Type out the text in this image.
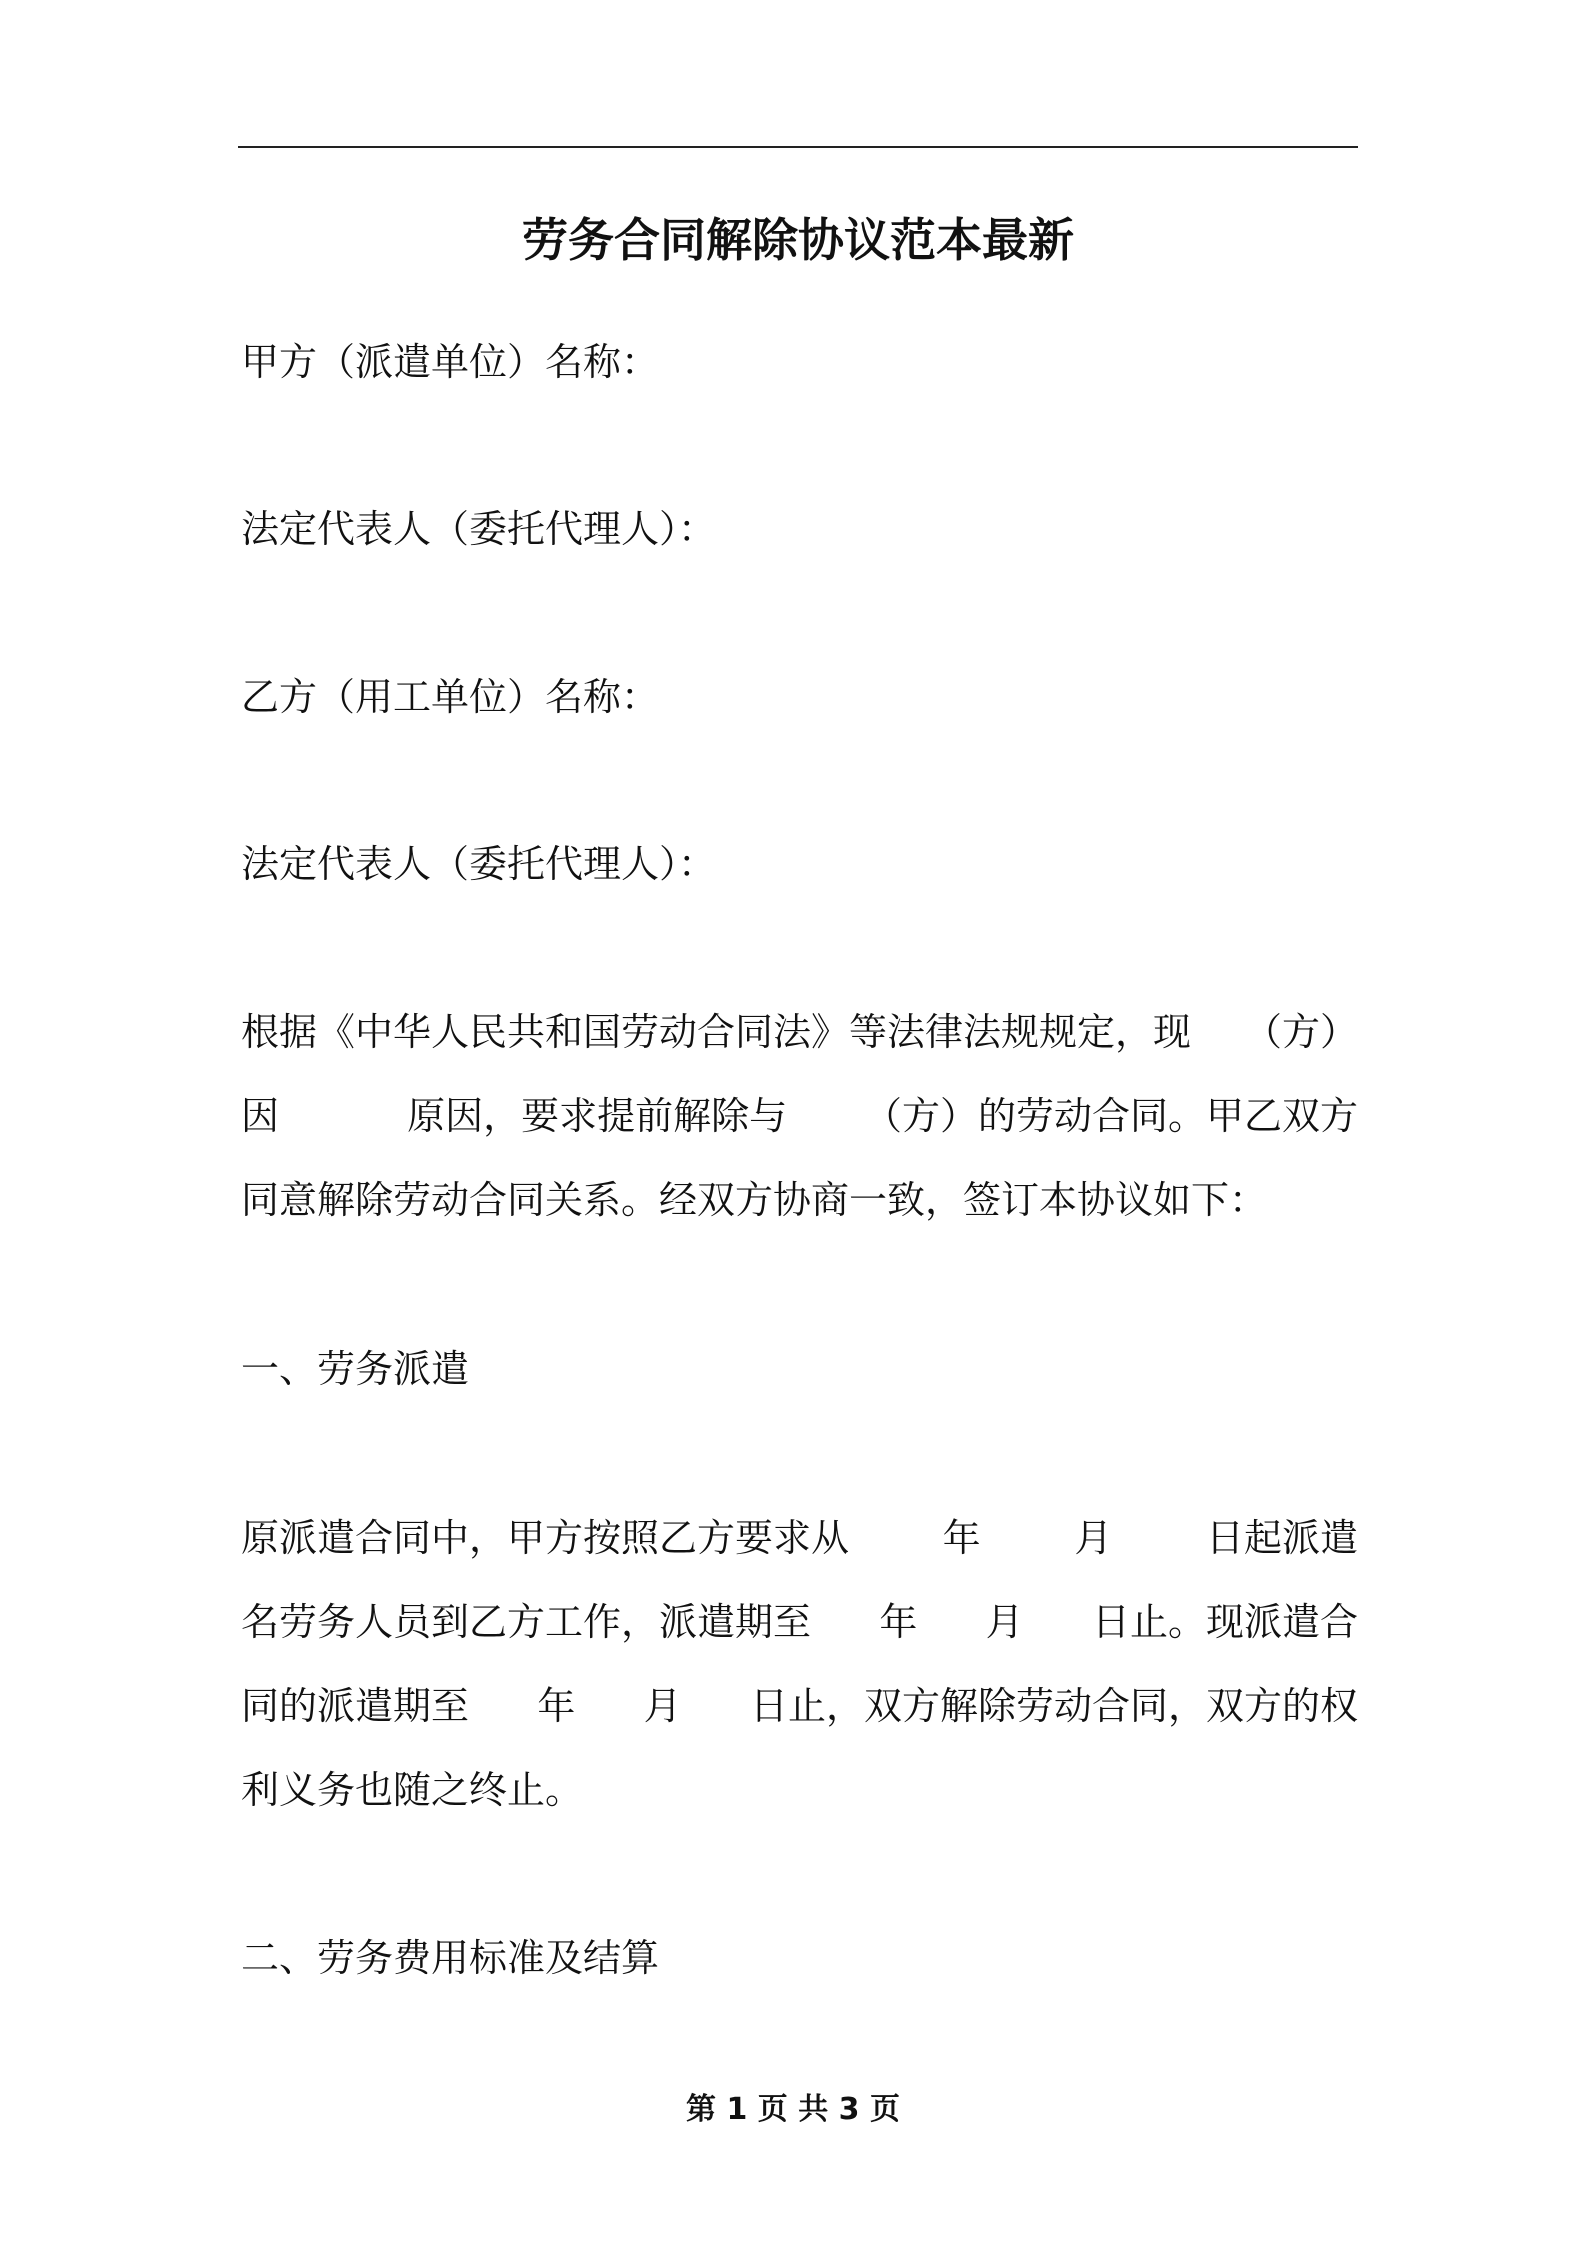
劳务合同解除协议范本最新
甲方（派遣单位）名称：
法定代表人（委托代理人）：
乙方（用工单位）名称：
法定代表人（委托代理人）：
根据《中华人民共和国劳动合同法》等法律法规规定，现 （方）
因	原因，要求提前解除与 （方）的劳动合同。甲乙双方
同意解除劳动合同关系。经双方协商一致，签订本协议如下：
一、劳务派遣
原派遣合同中，甲方按照乙方要求从 年 月 日起派遣
名劳务人员到乙方工作，派遣期至 年 月 日止。现派遣合
同的派遣期至 年 月 日止，双方解除劳动合同，双方的权
利义务也随之终止。
二、劳务费用标准及结算
第 1 页 共 3 页
